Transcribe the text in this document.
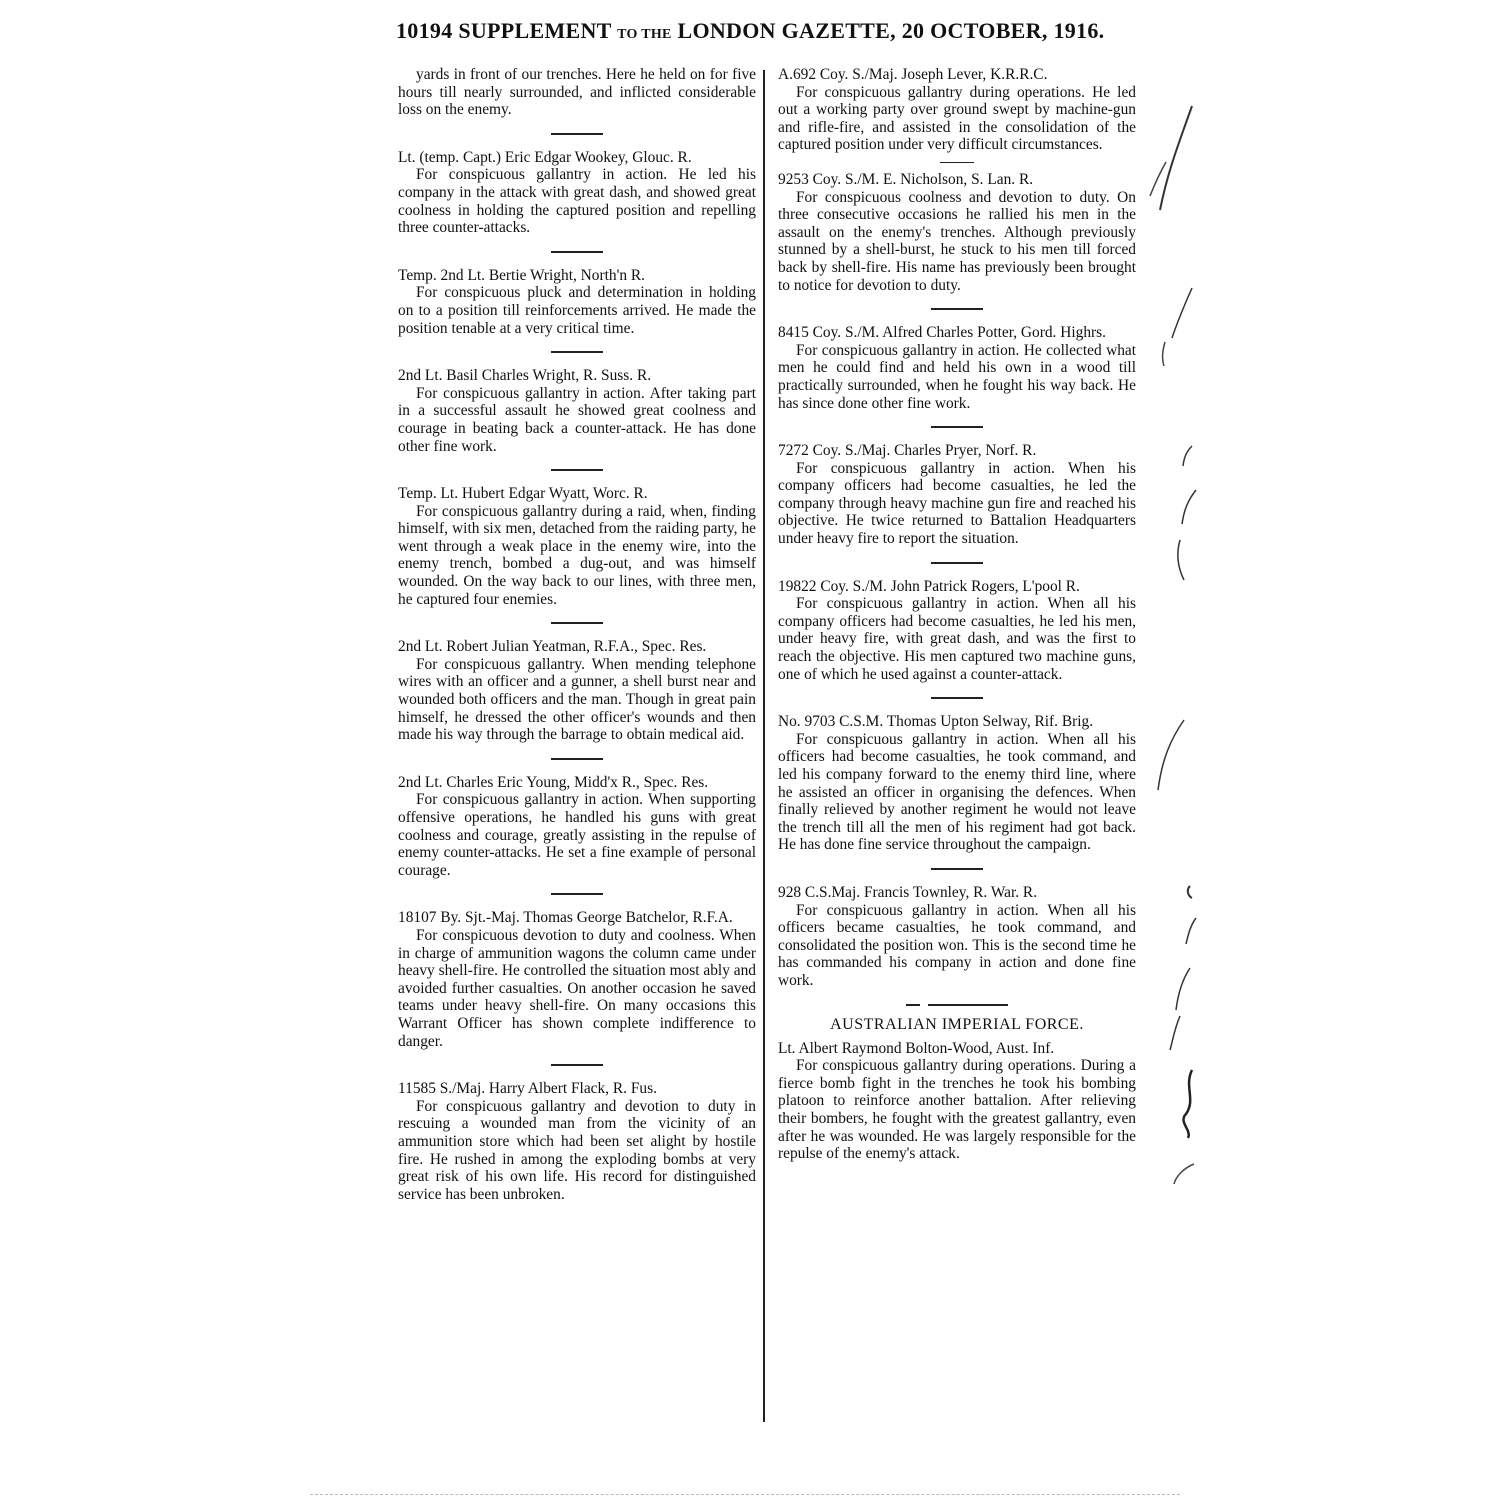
10194 SUPPLEMENT TO THE LONDON GAZETTE, 20 OCTOBER, 1916.

yards in front of our trenches. Here he held on for five hours till nearly surrounded, and inflicted considerable loss on the enemy.

Lt. (temp. Capt.) Eric Edgar Wookey, Glouc. R.

For conspicuous gallantry in action. He led his company in the attack with great dash, and showed great coolness in holding the captured position and repelling three counter-attacks.

Temp. 2nd Lt. Bertie Wright, North'n R.

For conspicuous pluck and determination in holding on to a position till reinforcements arrived. He made the position tenable at a very critical time.

2nd Lt. Basil Charles Wright, R. Suss. R.

For conspicuous gallantry in action. After taking part in a successful assault he showed great coolness and courage in beating back a counter-attack. He has done other fine work.

Temp. Lt. Hubert Edgar Wyatt, Worc. R.

For conspicuous gallantry during a raid, when, finding himself, with six men, detached from the raiding party, he went through a weak place in the enemy wire, into the enemy trench, bombed a dug-out, and was himself wounded. On the way back to our lines, with three men, he captured four enemies.

2nd Lt. Robert Julian Yeatman, R.F.A., Spec. Res.

For conspicuous gallantry. When mending telephone wires with an officer and a gunner, a shell burst near and wounded both officers and the man. Though in great pain himself, he dressed the other officer's wounds and then made his way through the barrage to obtain medical aid.

2nd Lt. Charles Eric Young, Midd'x R., Spec. Res.

For conspicuous gallantry in action. When supporting offensive operations, he handled his guns with great coolness and courage, greatly assisting in the repulse of enemy counter-attacks. He set a fine example of personal courage.

18107 By. Sjt.-Maj. Thomas George Batchelor, R.F.A.

For conspicuous devotion to duty and coolness. When in charge of ammunition wagons the column came under heavy shell-fire. He controlled the situation most ably and avoided further casualties. On another occasion he saved teams under heavy shell-fire. On many occasions this Warrant Officer has shown complete indifference to danger.

11585 S./Maj. Harry Albert Flack, R. Fus.

For conspicuous gallantry and devotion to duty in rescuing a wounded man from the vicinity of an ammunition store which had been set alight by hostile fire. He rushed in among the exploding bombs at very great risk of his own life. His record for distinguished service has been unbroken.

A.692 Coy. S./Maj. Joseph Lever, K.R.R.C.

For conspicuous gallantry during operations. He led out a working party over ground swept by machine-gun and rifle-fire, and assisted in the consolidation of the captured position under very difficult circumstances.

9253 Coy. S./M. E. Nicholson, S. Lan. R.

For conspicuous coolness and devotion to duty. On three consecutive occasions he rallied his men in the assault on the enemy's trenches. Although previously stunned by a shell-burst, he stuck to his men till forced back by shell-fire. His name has previously been brought to notice for devotion to duty.

8415 Coy. S./M. Alfred Charles Potter, Gord. Highrs.

For conspicuous gallantry in action. He collected what men he could find and held his own in a wood till practically surrounded, when he fought his way back. He has since done other fine work.

7272 Coy. S./Maj. Charles Pryer, Norf. R.

For conspicuous gallantry in action. When his company officers had become casualties, he led the company through heavy machine gun fire and reached his objective. He twice returned to Battalion Headquarters under heavy fire to report the situation.

19822 Coy. S./M. John Patrick Rogers, L'pool R.

For conspicuous gallantry in action. When all his company officers had become casualties, he led his men, under heavy fire, with great dash, and was the first to reach the objective. His men captured two machine guns, one of which he used against a counter-attack.

No. 9703 C.S.M. Thomas Upton Selway, Rif. Brig.

For conspicuous gallantry in action. When all his officers had become casualties, he took command, and led his company forward to the enemy third line, where he assisted an officer in organising the defences. When finally relieved by another regiment he would not leave the trench till all the men of his regiment had got back. He has done fine service throughout the campaign.

928 C.S.Maj. Francis Townley, R. War. R.

For conspicuous gallantry in action. When all his officers became casualties, he took command, and consolidated the position won. This is the second time he has commanded his company in action and done fine work.

AUSTRALIAN IMPERIAL FORCE.

Lt. Albert Raymond Bolton-Wood, Aust. Inf.

For conspicuous gallantry during operations. During a fierce bomb fight in the trenches he took his bombing platoon to reinforce another battalion. After relieving their bombers, he fought with the greatest gallantry, even after he was wounded. He was largely responsible for the repulse of the enemy's attack.
